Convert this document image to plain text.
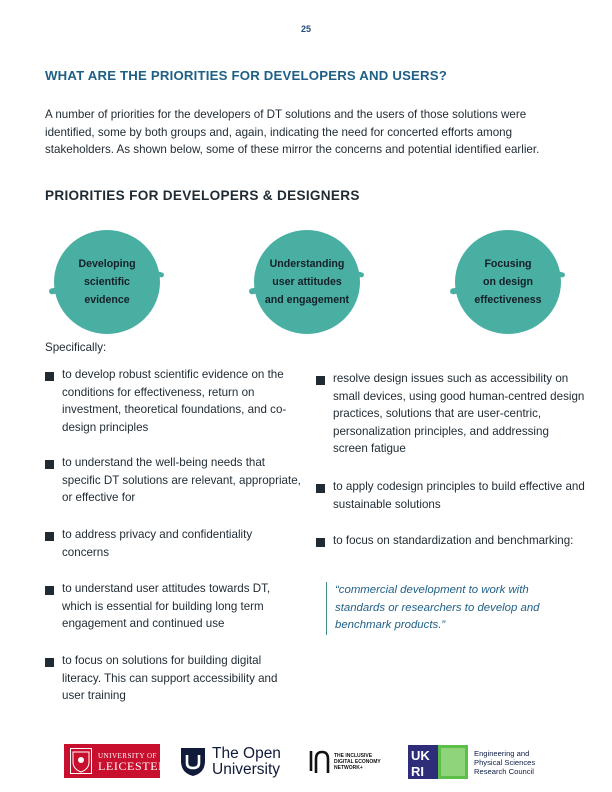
25
WHAT ARE THE PRIORITIES FOR DEVELOPERS AND USERS?
A number of priorities for the developers of DT solutions and the users of those solutions were identified, some by both groups and, again, indicating the need for concerted efforts among stakeholders. As shown below, some of these mirror the concerns and potential identified earlier.
PRIORITIES FOR DEVELOPERS & DESIGNERS
Developing
scientific
evidence
Understanding
user attitudes
and engagement
Focusing
on design
effectiveness
Specifically:
to develop robust scientific evidence on the conditions for effectiveness, return on investment, theoretical foundations, and co-design principles
to understand the well-being needs that specific DT solutions are relevant, appropriate, or effective for
to address privacy and confidentiality concerns
to understand user attitudes towards DT, which is essential for building long term engagement and continued use
to focus on solutions for building digital literacy. This can support accessibility and user training
resolve design issues such as accessibility on small devices, using good human-centred design practices, solutions that are user-centric, personalization principles, and addressing screen fatigue
to apply codesign principles to build effective and sustainable solutions
to focus on standardization and benchmarking:
“commercial development to work with standards or researchers to develop and benchmark products.”
UNIVERSITY OF
LEICESTER
The Open
University
THE INCLUSIVE
DIGITAL ECONOMY
NETWORK+
UK
RI
Engineering and
Physical Sciences
Research Council
